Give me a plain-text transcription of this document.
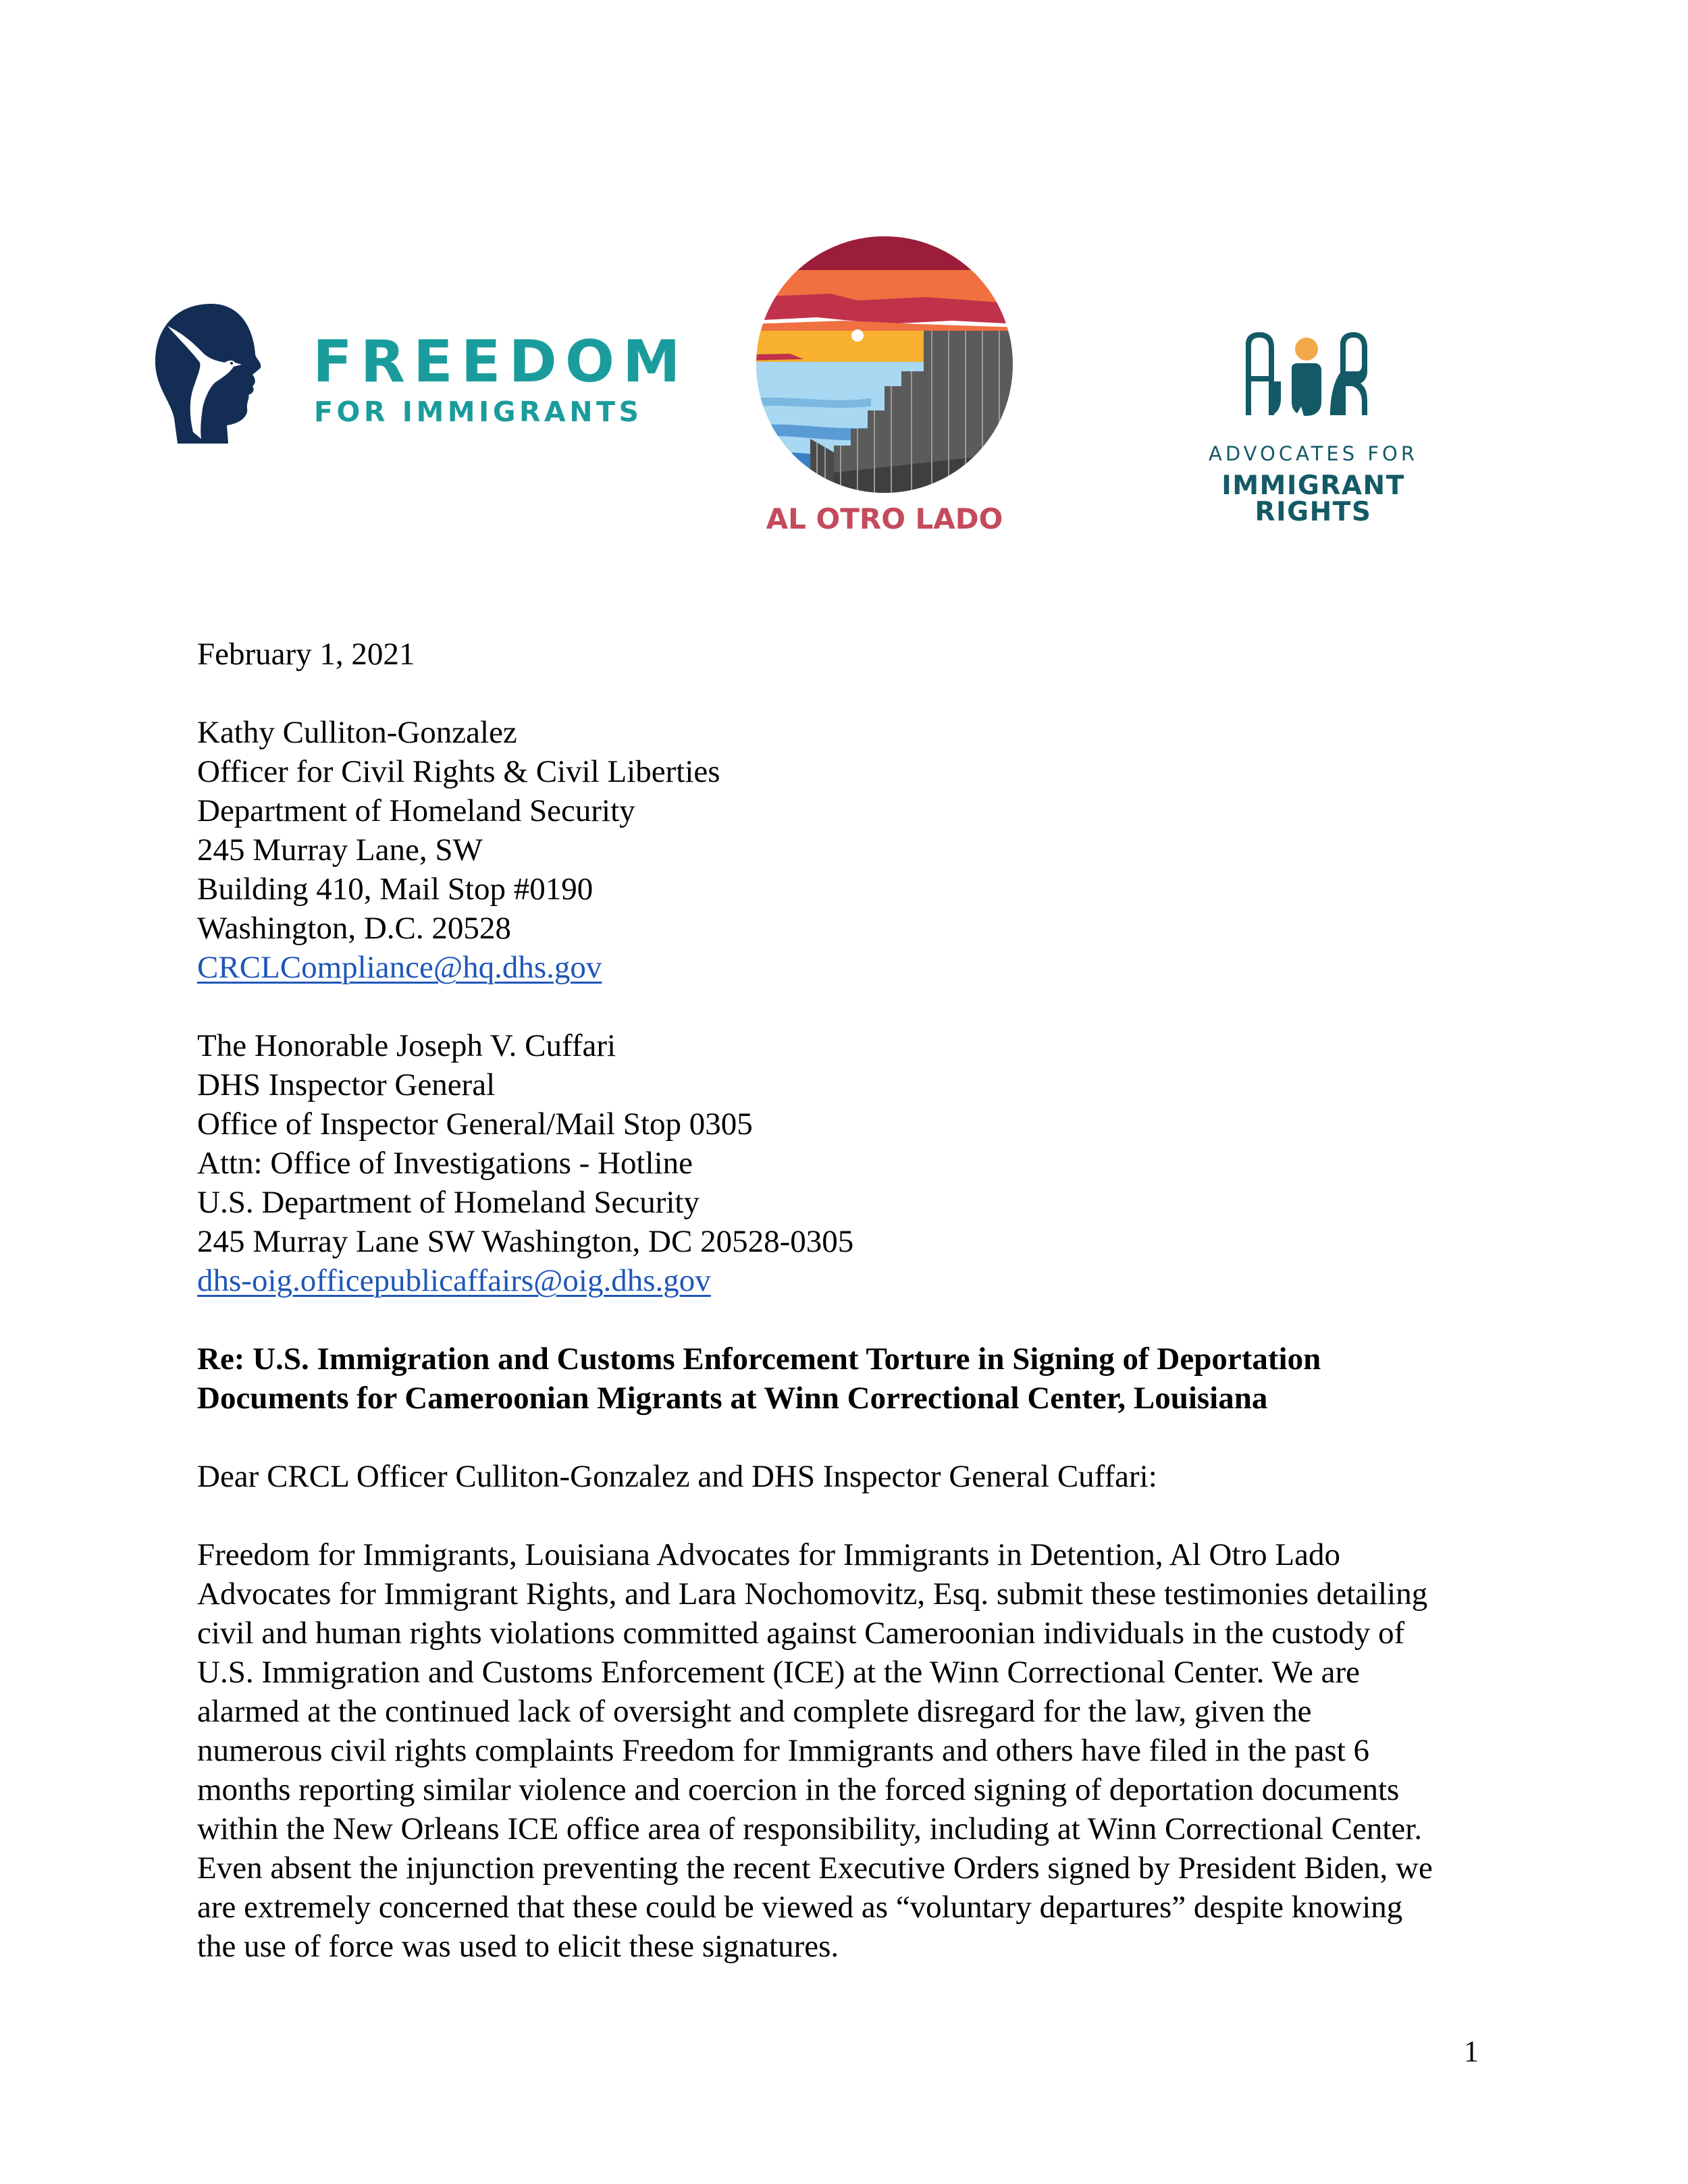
FREEDOM
FOR IMMIGRANTS
AL OTRO LADO
ADVOCATES FOR
IMMIGRANT RIGHTS
February 1, 2021
Kathy Culliton-Gonzalez
Officer for Civil Rights & Civil Liberties
Department of Homeland Security
245 Murray Lane, SW
Building 410, Mail Stop #0190
Washington, D.C. 20528
CRCLCompliance@hq.dhs.gov
The Honorable Joseph V. Cuffari
DHS Inspector General
Office of Inspector General/Mail Stop 0305
Attn: Office of Investigations - Hotline
U.S. Department of Homeland Security
245 Murray Lane SW Washington, DC 20528-0305
dhs-oig.officepublicaffairs@oig.dhs.gov
Re: U.S. Immigration and Customs Enforcement Torture in Signing of Deportation
Documents for Cameroonian Migrants at Winn Correctional Center, Louisiana
Dear CRCL Officer Culliton-Gonzalez and DHS Inspector General Cuffari:
Freedom for Immigrants, Louisiana Advocates for Immigrants in Detention, Al Otro Lado
Advocates for Immigrant Rights, and Lara Nochomovitz, Esq. submit these testimonies detailing
civil and human rights violations committed against Cameroonian individuals in the custody of
U.S. Immigration and Customs Enforcement (ICE) at the Winn Correctional Center. We are
alarmed at the continued lack of oversight and complete disregard for the law, given the
numerous civil rights complaints Freedom for Immigrants and others have filed in the past 6
months reporting similar violence and coercion in the forced signing of deportation documents
within the New Orleans ICE office area of responsibility, including at Winn Correctional Center.
Even absent the injunction preventing the recent Executive Orders signed by President Biden, we
are extremely concerned that these could be viewed as “voluntary departures” despite knowing
the use of force was used to elicit these signatures.
1
